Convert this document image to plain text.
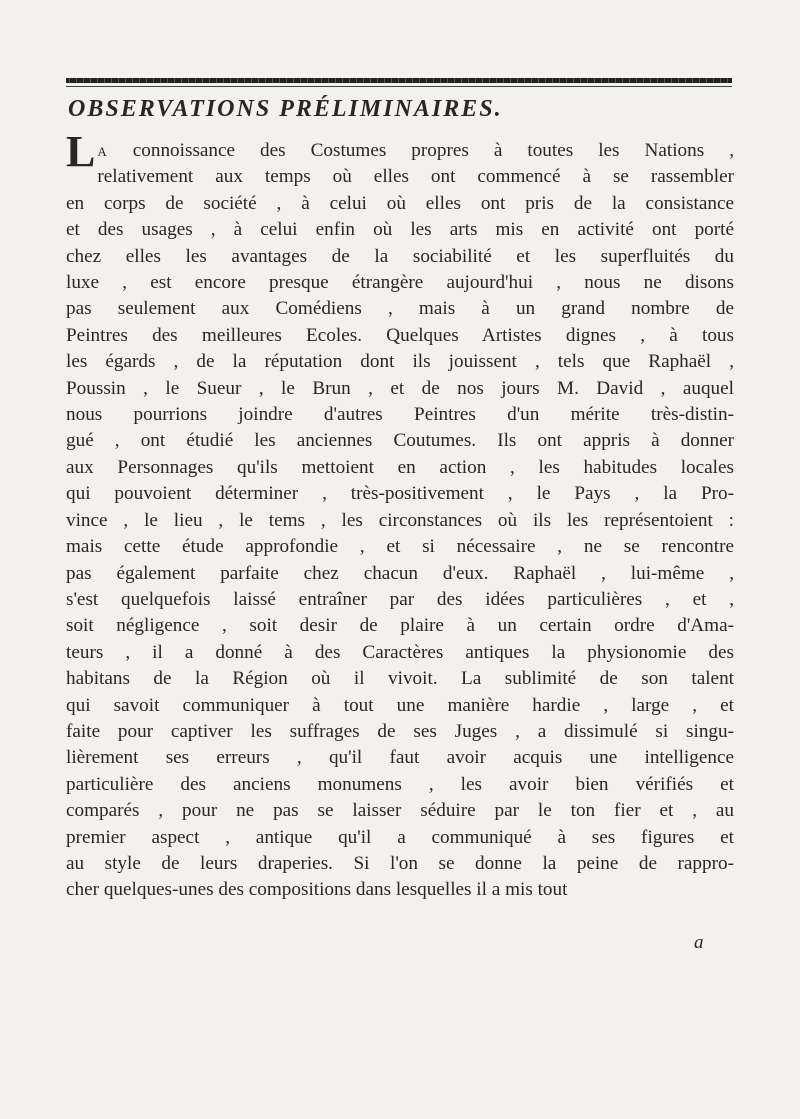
OBSERVATIONS PRÉLIMINAIRES.
La connoissance des Costumes propres à toutes les Nations ,
relativement aux temps où elles ont commencé à se rassembler
en corps de société , à celui où elles ont pris de la consistance
et des usages , à celui enfin où les arts mis en activité ont porté
chez elles les avantages de la sociabilité et les superfluités du
luxe , est encore presque étrangère aujourd'hui , nous ne disons
pas seulement aux Comédiens , mais à un grand nombre de
Peintres des meilleures Ecoles. Quelques Artistes dignes , à tous
les égards , de la réputation dont ils jouissent , tels que Raphaël ,
Poussin , le Sueur , le Brun , et de nos jours M. David , auquel
nous pourrions joindre d'autres Peintres d'un mérite très-distin-
gué , ont étudié les anciennes Coutumes. Ils ont appris à donner
aux Personnages qu'ils mettoient en action , les habitudes locales
qui pouvoient déterminer , très-positivement , le Pays , la Pro-
vince , le lieu , le tems , les circonstances où ils les représentoient :
mais cette étude approfondie , et si nécessaire , ne se rencontre
pas également parfaite chez chacun d'eux. Raphaël , lui-même ,
s'est quelquefois laissé entraîner par des idées particulières , et ,
soit négligence , soit desir de plaire à un certain ordre d'Ama-
teurs , il a donné à des Caractères antiques la physionomie des
habitans de la Région où il vivoit. La sublimité de son talent
qui savoit communiquer à tout une manière hardie , large , et
faite pour captiver les suffrages de ses Juges , a dissimulé si singu-
lièrement ses erreurs , qu'il faut avoir acquis une intelligence
particulière des anciens monumens , les avoir bien vérifiés et
comparés , pour ne pas se laisser séduire par le ton fier et , au
premier aspect , antique qu'il a communiqué à ses figures et
au style de leurs draperies. Si l'on se donne la peine de rappro-
cher quelques-unes des compositions dans lesquelles il a mis tout
a
